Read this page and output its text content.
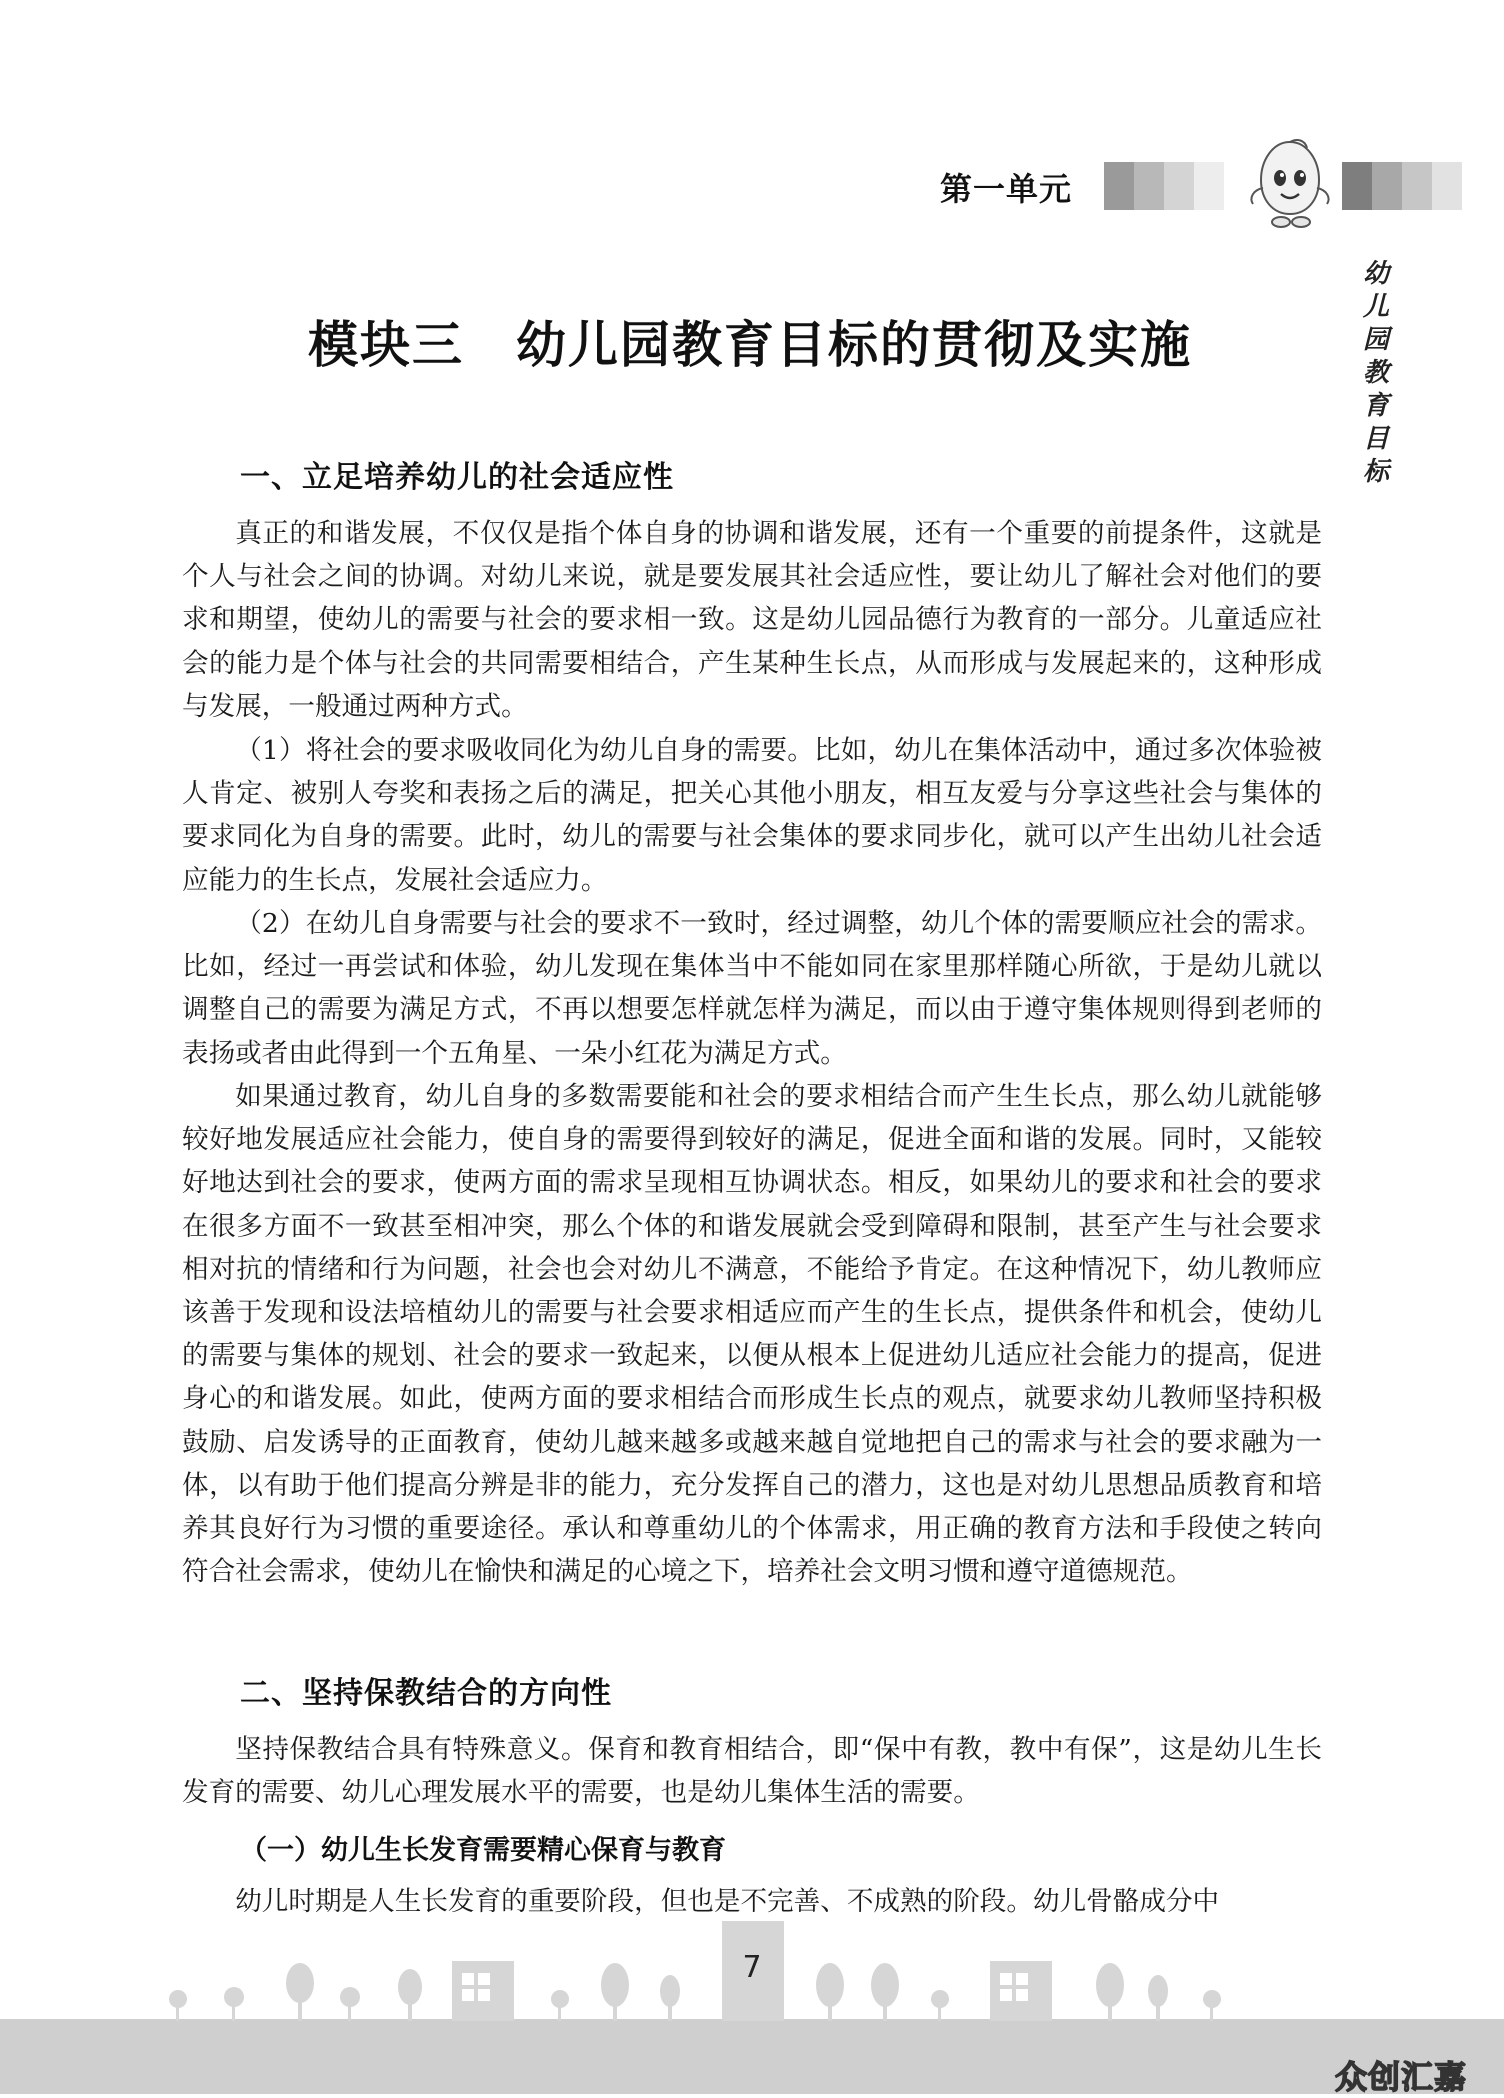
第一单元
幼
儿
园
教
育
目
标
模块三　幼儿园教育目标的贯彻及实施
一、立足培养幼儿的社会适应性

真正的和谐发展，不仅仅是指个体自身的协调和谐发展，还有一个重要的前提条件，这就是个人与社会之间的协调。对幼儿来说，就是要发展其社会适应性，要让幼儿了解社会对他们的要求和期望，使幼儿的需要与社会的要求相一致。这是幼儿园品德行为教育的一部分。儿童适应社会的能力是个体与社会的共同需要相结合，产生某种生长点，从而形成与发展起来的，这种形成与发展，一般通过两种方式。

（1）将社会的要求吸收同化为幼儿自身的需要。比如，幼儿在集体活动中，通过多次体验被人肯定、被别人夸奖和表扬之后的满足，把关心其他小朋友，相互友爱与分享这些社会与集体的要求同化为自身的需要。此时，幼儿的需要与社会集体的要求同步化，就可以产生出幼儿社会适应能力的生长点，发展社会适应力。

（2）在幼儿自身需要与社会的要求不一致时，经过调整，幼儿个体的需要顺应社会的需求。比如，经过一再尝试和体验，幼儿发现在集体当中不能如同在家里那样随心所欲，于是幼儿就以调整自己的需要为满足方式，不再以想要怎样就怎样为满足，而以由于遵守集体规则得到老师的表扬或者由此得到一个五角星、一朵小红花为满足方式。

如果通过教育，幼儿自身的多数需要能和社会的要求相结合而产生生长点，那么幼儿就能够较好地发展适应社会能力，使自身的需要得到较好的满足，促进全面和谐的发展。同时，又能较好地达到社会的要求，使两方面的需求呈现相互协调状态。相反，如果幼儿的要求和社会的要求在很多方面不一致甚至相冲突，那么个体的和谐发展就会受到障碍和限制，甚至产生与社会要求相对抗的情绪和行为问题，社会也会对幼儿不满意，不能给予肯定。在这种情况下，幼儿教师应该善于发现和设法培植幼儿的需要与社会要求相适应而产生的生长点，提供条件和机会，使幼儿的需要与集体的规划、社会的要求一致起来，以便从根本上促进幼儿适应社会能力的提高，促进身心的和谐发展。如此，使两方面的要求相结合而形成生长点的观点，就要求幼儿教师坚持积极鼓励、启发诱导的正面教育，使幼儿越来越多或越来越自觉地把自己的需求与社会的要求融为一体，以有助于他们提高分辨是非的能力，充分发挥自己的潜力，这也是对幼儿思想品质教育和培养其良好行为习惯的重要途径。承认和尊重幼儿的个体需求，用正确的教育方法和手段使之转向符合社会需求，使幼儿在愉快和满足的心境之下，培养社会文明习惯和遵守道德规范。

二、坚持保教结合的方向性

坚持保教结合具有特殊意义。保育和教育相结合，即“保中有教，教中有保”，这是幼儿生长发育的需要、幼儿心理发展水平的需要，也是幼儿集体生活的需要。

（一）幼儿生长发育需要精心保育与教育

幼儿时期是人生长发育的重要阶段，但也是不完善、不成熟的阶段。幼儿骨骼成分中

7
众创汇嘉
